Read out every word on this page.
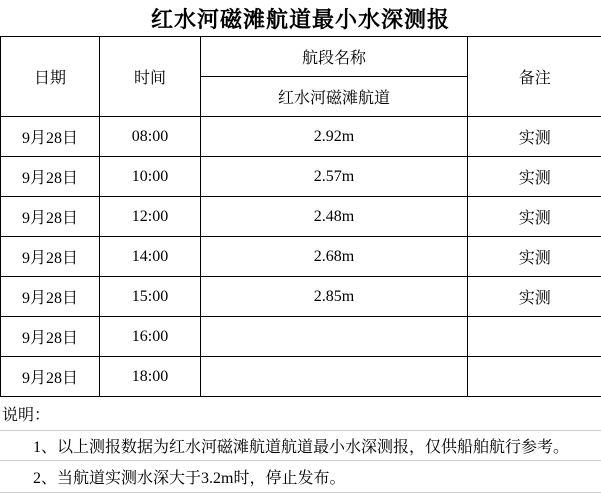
红水河磁滩航道最小水深测报
日期	时间	航段名称	备注
		红水河磁滩航道	
9月28日	08:00	2.92m	实测
9月28日	10:00	2.57m	实测
9月28日	12:00	2.48m	实测
9月28日	14:00	2.68m	实测
9月28日	15:00	2.85m	实测
9月28日	16:00		
9月28日	18:00		
说明：
1、以上测报数据为红水河磁滩航道航道最小水深测报，仅供船舶航行参考。
2、当航道实测水深大于3.2m时，停止发布。
